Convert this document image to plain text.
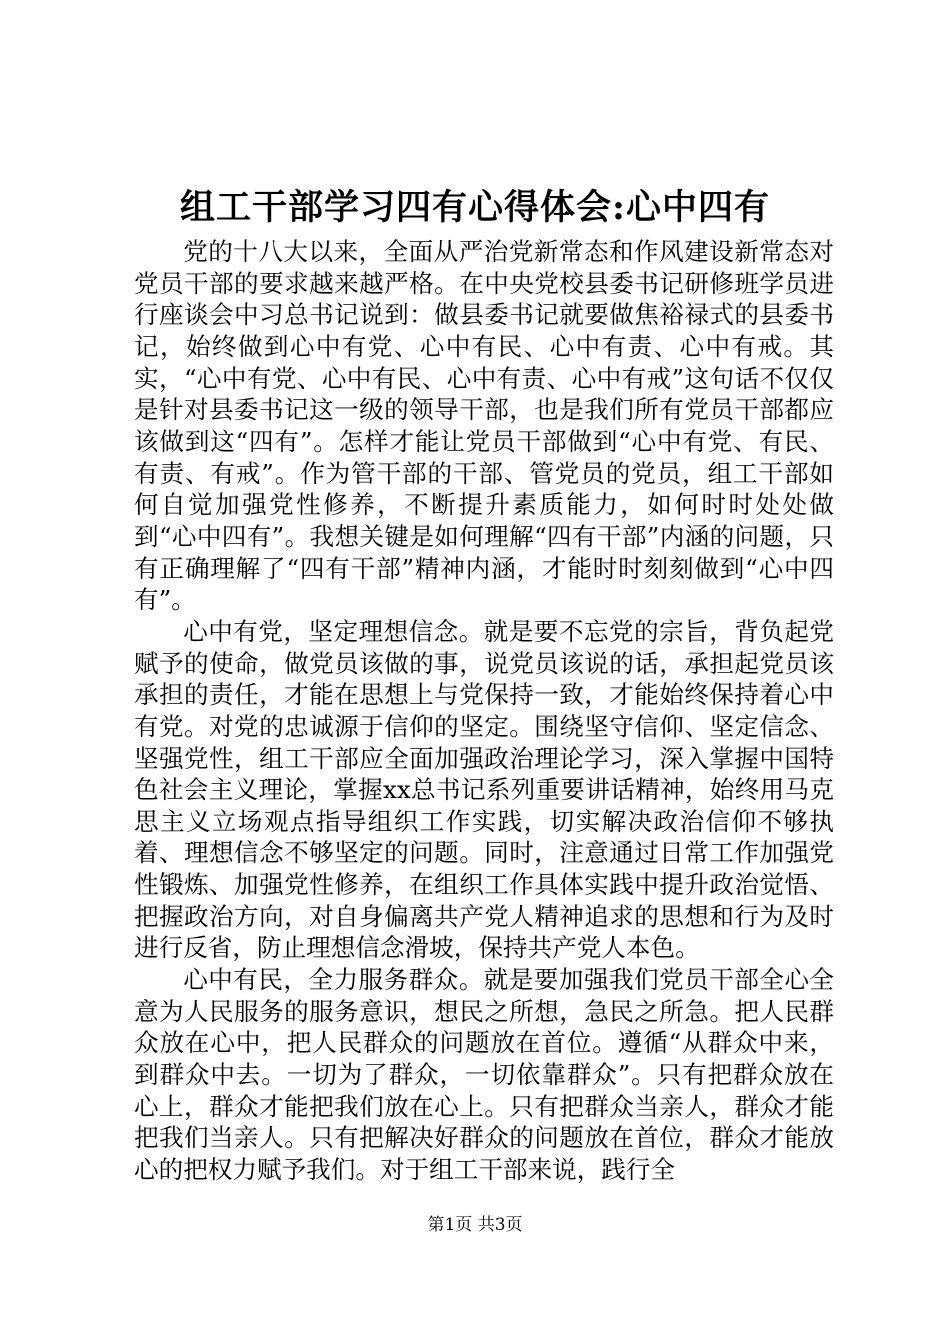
组工干部学习四有心得体会:心中四有

党的十八大以来，全面从严治党新常态和作风建设新常态对党员干部的要求越来越严格。在中央党校县委书记研修班学员进行座谈会中习总书记说到：做县委书记就要做焦裕禄式的县委书记，始终做到心中有党、心中有民、心中有责、心中有戒。其实，“心中有党、心中有民、心中有责、心中有戒”这句话不仅仅是针对县委书记这一级的领导干部，也是我们所有党员干部都应该做到这“四有”。怎样才能让党员干部做到“心中有党、有民、有责、有戒”。作为管干部的干部、管党员的党员，组工干部如何自觉加强党性修养，不断提升素质能力，如何时时处处做到“心中四有”。我想关键是如何理解“四有干部”内涵的问题，只有正确理解了“四有干部”精神内涵，才能时时刻刻做到“心中四有”。

心中有党，坚定理想信念。就是要不忘党的宗旨，背负起党赋予的使命，做党员该做的事，说党员该说的话，承担起党员该承担的责任，才能在思想上与党保持一致，才能始终保持着心中有党。对党的忠诚源于信仰的坚定。围绕坚守信仰、坚定信念、坚强党性，组工干部应全面加强政治理论学习，深入掌握中国特色社会主义理论，掌握xx总书记系列重要讲话精神，始终用马克思主义立场观点指导组织工作实践，切实解决政治信仰不够执着、理想信念不够坚定的问题。同时，注意通过日常工作加强党性锻炼、加强党性修养，在组织工作具体实践中提升政治觉悟、把握政治方向，对自身偏离共产党人精神追求的思想和行为及时进行反省，防止理想信念滑坡，保持共产党人本色。

心中有民，全力服务群众。就是要加强我们党员干部全心全意为人民服务的服务意识，想民之所想，急民之所急。把人民群众放在心中，把人民群众的问题放在首位。遵循“从群众中来，到群众中去。一切为了群众，一切依靠群众”。只有把群众放在心上，群众才能把我们放在心上。只有把群众当亲人，群众才能把我们当亲人。只有把解决好群众的问题放在首位，群众才能放心的把权力赋予我们。对于组工干部来说，践行全

第1页 共3页
